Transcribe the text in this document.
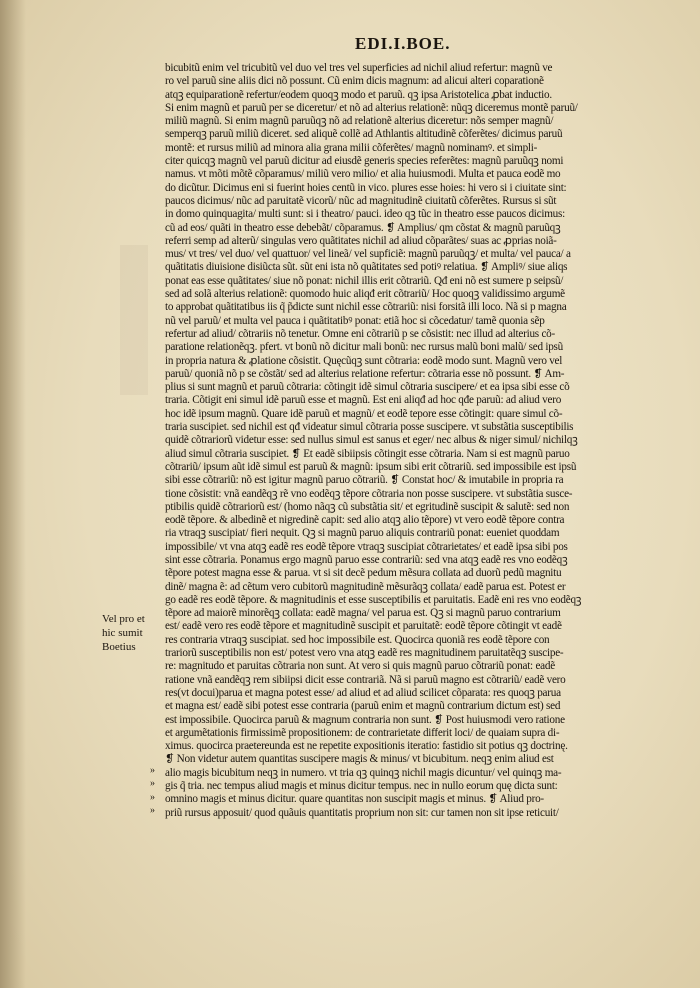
EDI.I.BOE.
bicubitũ enim vel tricubitũ vel duo vel tres vel superficies ad nichil aliud refertur: magnũ ve
ro vel paruũ sine aliis dici nõ possunt. Cũ enim dicis magnum: ad alicui alteri coparationẽ
atqꝫ equiparationẽ refertur/eodem quoqꝫ modo et paruũ. qꝫ ipsa Aristotelica ꝓbat inductio.
Si enim magnũ et paruũ per se diceretur/ et nõ ad alterius relationẽ: nũqꝫ diceremus montẽ paruũ/
miliũ magnũ. Si enim magnũ paruũqꝫ nõ ad relationẽ alterius diceretur: nõs semper magnũ/
semperqꝫ paruũ miliũ diceret. sed aliquẽ collẽ ad Athlantis altitudinẽ cõferẽtes/ dicimus paruũ
montẽ: et rursus miliũ ad minora alia grana milii cõferẽtes/ magnũ nominamꝰ. et simpli-
citer quicqꝫ magnũ vel paruũ dicitur ad eiusdẽ generis species referẽtes: magnũ paruũqꝫ nomi
namus. vt mõti mõtẽ cõparamus/ miliũ vero milio/ et alia huiusmodi. Multa et pauca eodẽ mo
do dicũtur. Dicimus eni si fuerint hoies centũ in vico. plures esse hoies: hi vero si i ciuitate sint:
paucos dicimus/ nũc ad paruitatẽ vicorũ/ nũc ad magnitudinẽ ciuitatũ cõferẽtes. Rursus si sũt
in domo quinquagita/ multi sunt: si i theatro/ pauci. ideo qꝫ tũc in theatro esse paucos dicimus:
cũ ad eos/ quãti in theatro esse debebãt/ cõparamus. ❡ Amplius/ qm cõstat & magnũ paruũqꝫ
referri semp ad alterũ/ singulas vero quãtitates nichil ad aliud cõparãtes/ suas ac ꝓprias noiã-
mus/ vt tres/ vel duo/ vel quattuor/ vel lineã/ vel supficiẽ: magnũ paruũqꝫ/ et multa/ vel pauca/ a
quãtitatis diuisione disiũcta sũt. sũt eni ista nõ quãtitates sed potiꝰ relatiua. ❡ Ampliꝰ/ siue aliqs
ponat eas esse quãtitates/ siue nõ ponat: nichil illis erit cõtrariũ. Qđ eni nõ est sumere p seipsũ/
sed ad solã alterius relationẽ: quomodo huic aliqđ erit cõtrariũ/ Hoc quoqꝫ validissimo argumẽ
to approbat quãtitatibus iis q̃ p̃dicte sunt nichil esse cõtrariũ: nisi forsitã illi loco. Nã si p magna
nũ vel paruũ/ et multa vel pauca i quãtitatibꝰ ponat: etiã hoc si cõcedatur/ tamẽ quonia sẽp
refertur ad aliud/ cõtrariis nõ tenetur. Omne eni cõtrariũ p se cõsistit: nec illud ad alterius cõ-
paratione relationẽqꝫ. pfert. vt bonũ nõ dicitur mali bonũ: nec rursus malũ boni malũ/ sed ipsũ
in propria natura & ꝓlatione cõsistit. Quęcũqꝫ sunt cõtraria: eodẽ modo sunt. Magnũ vero vel
paruũ/ quoniã nõ p se cõstãt/ sed ad alterius relatione refertur: cõtraria esse nõ possunt. ❡ Am-
plius si sunt magnũ et paruũ cõtraria: cõtingit idẽ simul cõtraria suscipere/ et ea ipsa sibi esse cõ
traria. Cõtigit eni simul idẽ paruũ esse et magnũ. Est eni aliqđ ad hoc qđe paruũ: ad aliud vero
hoc idẽ ipsum magnũ. Quare idẽ paruũ et magnũ/ et eodẽ tepore esse cõtingit: quare simul cõ-
traria suscipiet. sed nichil est qđ videatur simul cõtraria posse suscipere. vt substãtia susceptibilis
quidẽ cõtrariorũ videtur esse: sed nullus simul est sanus et eger/ nec albus & niger simul/ nichilqꝫ
aliud simul cõtraria suscipiet. ❡ Et eadẽ sibiipsis cõtingit esse cõtraria. Nam si est magnũ paruo
cõtrariũ/ ipsum aũt idẽ simul est paruũ & magnũ: ipsum sibi erit cõtrariũ. sed impossibile est ipsũ
sibi esse cõtrariũ: nõ est igitur magnũ paruo cõtrariũ. ❡ Constat hoc/ & imutabile in propria ra
tione cõsistit: vnã eandẽqꝫ rẽ vno eodẽqꝫ tẽpore cõtraria non posse suscipere. vt substãtia susce-
ptibilis quidẽ cõtrariorũ est/ (homo nãqꝫ cũ substãtia sit/ et egritudinẽ suscipit & salutẽ: sed non
eodẽ tẽpore. & albedinẽ et nigredinẽ capit: sed alio atqꝫ alio tẽpore) vt vero eodẽ tẽpore contra
ria vtraqꝫ suscipiat/ fieri nequit. Qꝫ si magnũ paruo aliquis contrariũ ponat: eueniet quoddam
impossibile/ vt vna atqꝫ eadẽ res eodẽ tẽpore vtraqꝫ suscipiat cõtrarietates/ et eadẽ ipsa sibi pos
sint esse cõtraria. Ponamus ergo magnũ paruo esse contrariũ: sed vna atqꝫ eadẽ res vno eodẽqꝫ
tẽpore potest magna esse & parua. vt si sit decẽ pedum mẽsura collata ad duorũ pedũ magnitu
dinẽ/ magna ẽ: ad cẽtum vero cubitorũ magnitudinẽ mẽsurãqꝫ collata/ eadẽ parua est. Potest er
go eadẽ res eodẽ tẽpore. & magnitudinis et esse susceptibilis et paruitatis. Eadẽ eni res vno eodẽqꝫ
tẽpore ad maiorẽ minorẽqꝫ collata: eadẽ magna/ vel parua est. Qꝫ si magnũ paruo contrarium
est/ eadẽ vero res eodẽ tẽpore et magnitudinẽ suscipit et paruitatẽ: eodẽ tẽpore cõtingit vt eadẽ
res contraria vtraqꝫ suscipiat. sed hoc impossibile est. Quocirca quoniã res eodẽ tẽpore con
trariorũ susceptibilis non est/ potest vero vna atqꝫ eadẽ res magnitudinem paruitatẽqꝫ suscipe-
re: magnitudo et paruitas cõtraria non sunt. At vero si quis magnũ paruo cõtrariũ ponat: eadẽ
ratione vnã eandẽqꝫ rem sibiipsi dicit esse contrariã. Nã si paruũ magno est cõtrariũ/ eadẽ vero
res(vt docui)parua et magna potest esse/ ad aliud et ad aliud scilicet cõparata: res quoqꝫ parua
et magna est/ eadẽ sibi potest esse contraria (paruũ enim et magnũ contrarium dictum est) sed
est impossibile. Quocirca paruũ & magnum contraria non sunt. ❡ Post huiusmodi vero ratione
et argumẽtationis firmissimẽ propositionem: de contrarietate differit loci/ de quaiam supra di-
ximus. quocirca praetereunda est ne repetite expositionis iteratio: fastidio sit potius qꝫ doctrinę.
❡ Non videtur autem quantitas suscipere magis & minus/ vt bicubitum. neqꝫ enim aliud est
alio magis bicubitum neqꝫ in numero. vt tria qꝫ quinqꝫ nichil magis dicuntur/ vel quinqꝫ ma-
gis q̃ tria. nec tempus aliud magis et minus dicitur tempus. nec in nullo eorum quę dicta sunt:
omnino magis et minus dicitur. quare quantitas non suscipit magis et minus. ❡ Aliud pro-
priũ rursus apposuit/ quod quãuis quantitatis proprium non sit: cur tamen non sit ipse reticuit/
Vel pro et
hic sumit
Boetius
»
»
»
»
